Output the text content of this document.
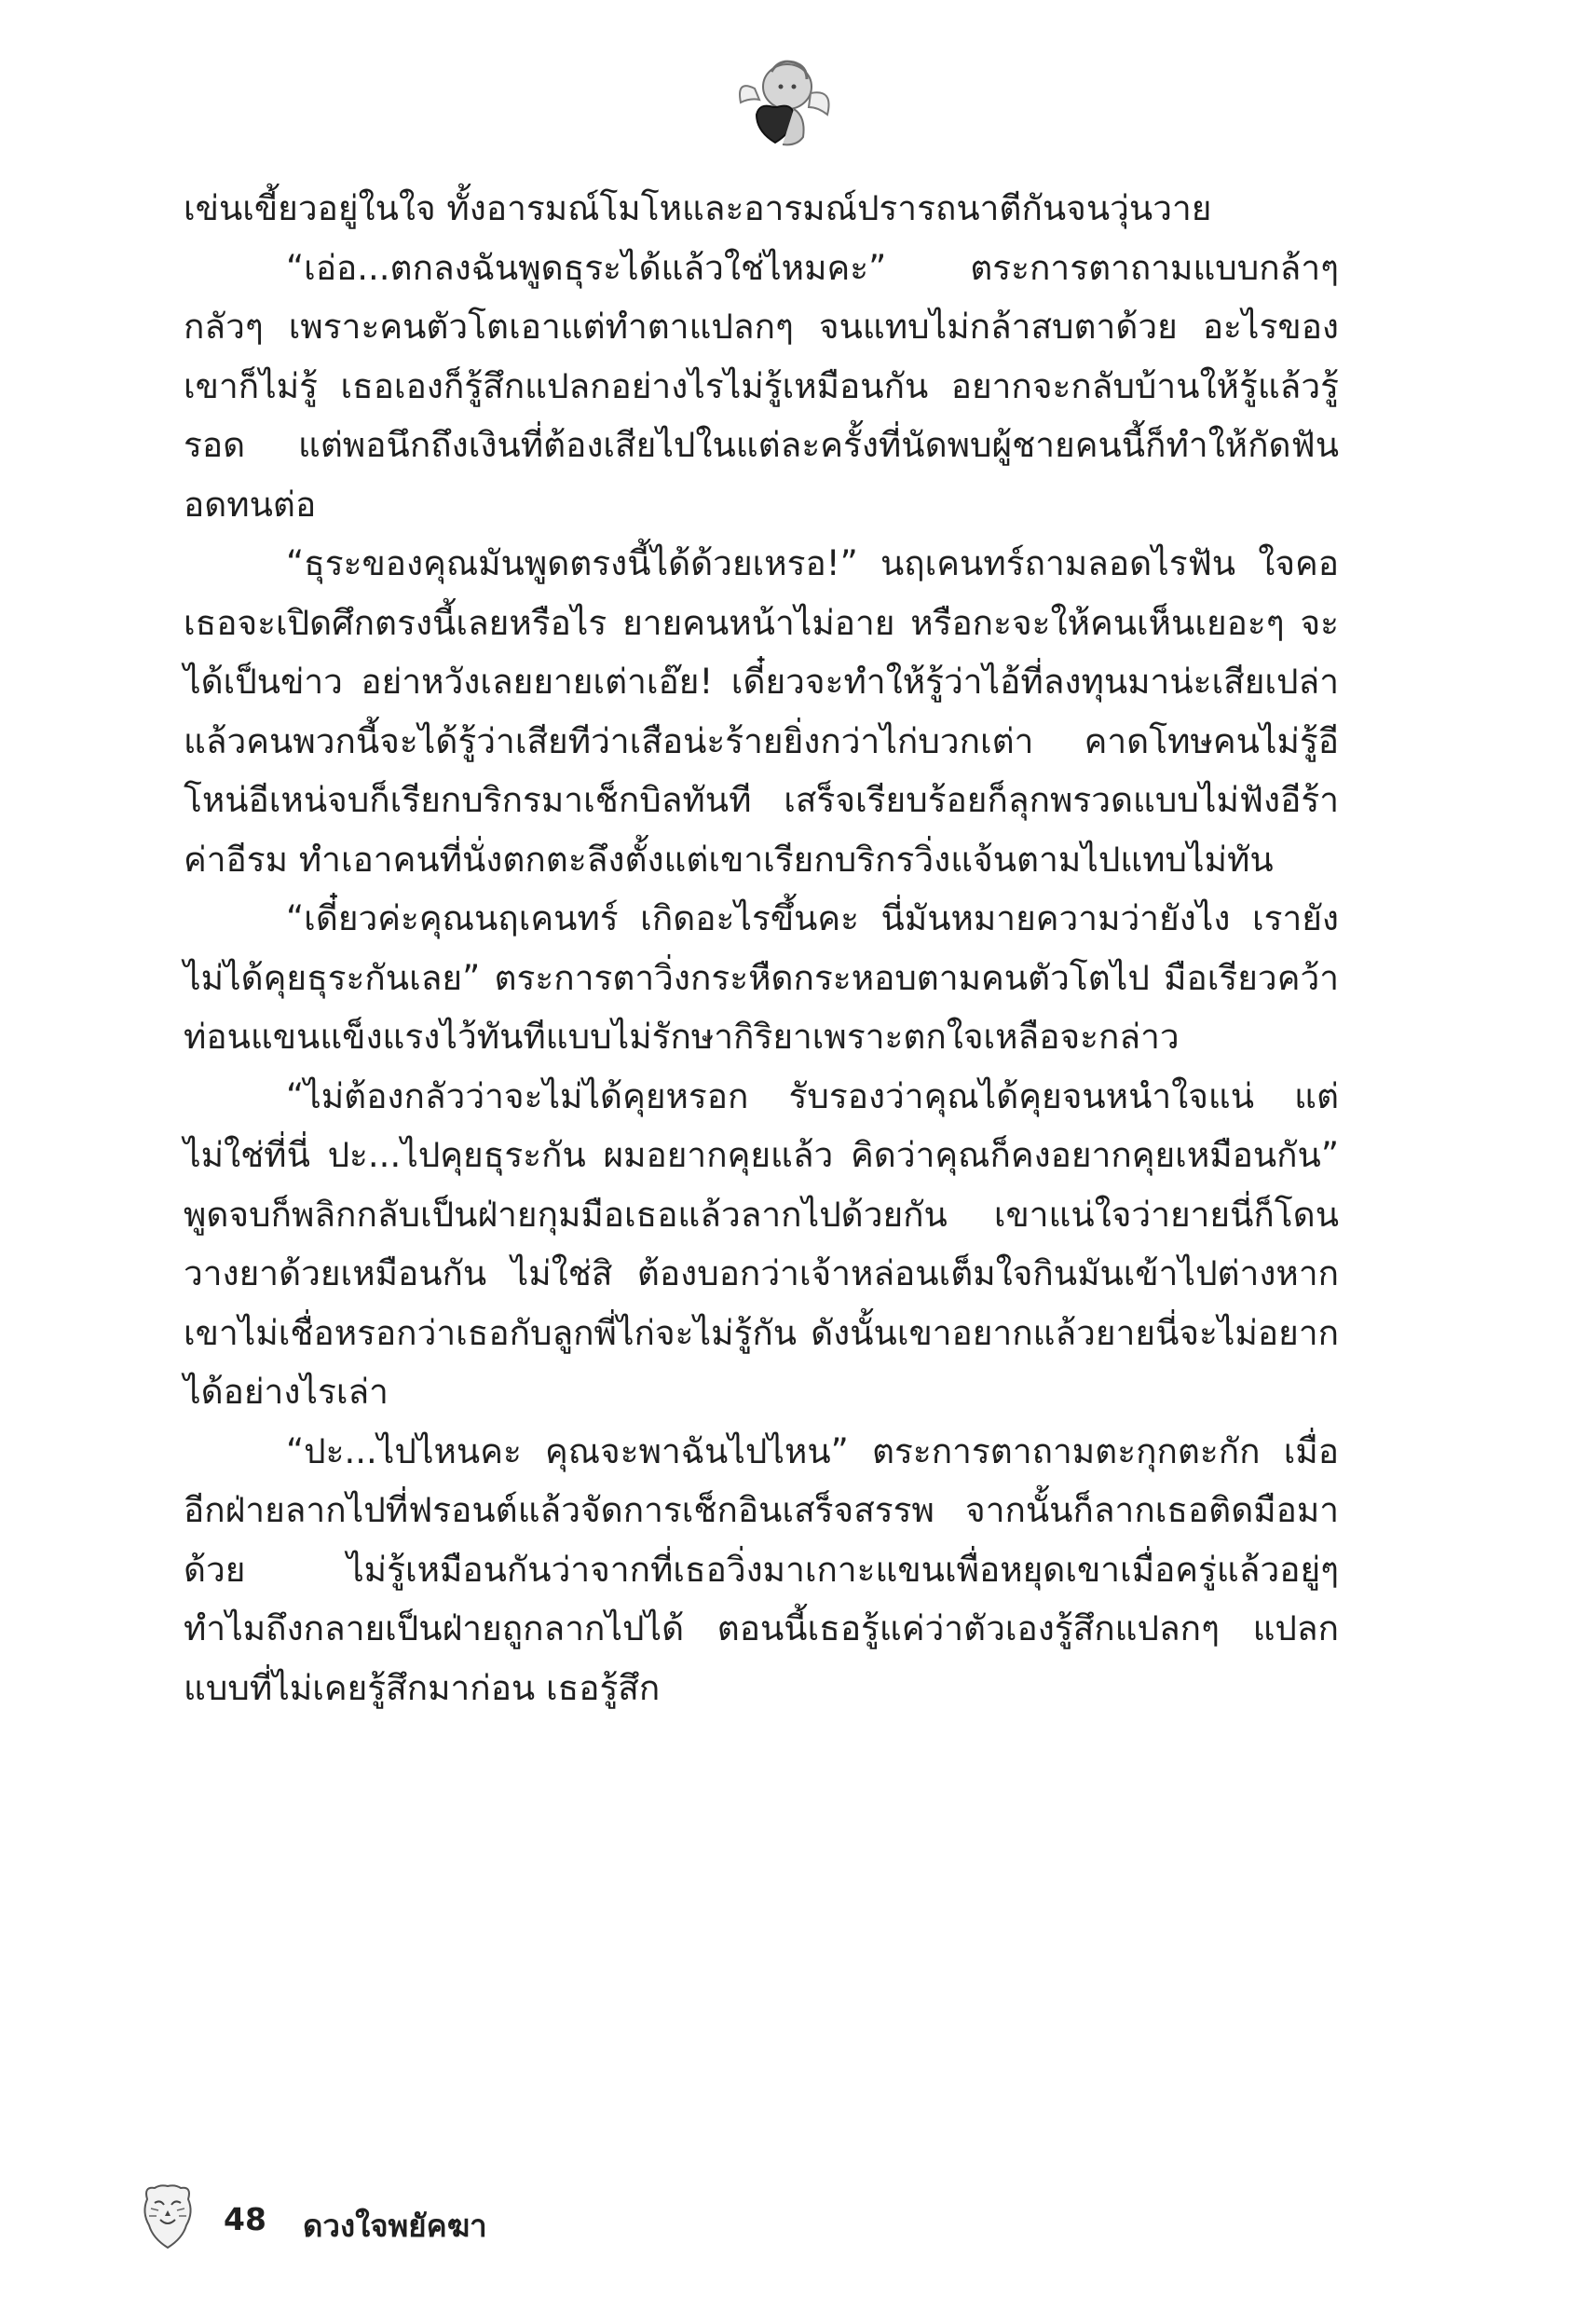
เข่นเขี้ยวอยู่ในใจ ทั้งอารมณ์โมโหและอารมณ์ปรารถนาตีกันจนวุ่นวาย

“เอ่อ...ตกลงฉันพูดธุระได้แล้วใช่ไหมคะ” ตระการตาถามแบบกล้าๆ กลัวๆ เพราะคนตัวโตเอาแต่ทำตาแปลกๆ จนแทบไม่กล้าสบตาด้วย อะไรของเขาก็ไม่รู้ เธอเองก็รู้สึกแปลกอย่างไรไม่รู้เหมือนกัน อยากจะกลับบ้านให้รู้แล้วรู้รอด แต่พอนึกถึงเงินที่ต้องเสียไปในแต่ละครั้งที่นัดพบผู้ชายคนนี้ก็ทำให้กัดฟันอดทนต่อ

“ธุระของคุณมันพูดตรงนี้ได้ด้วยเหรอ!” นฤเคนทร์ถามลอดไรฟัน ใจคอเธอจะเปิดศึกตรงนี้เลยหรือไร ยายคนหน้าไม่อาย หรือกะจะให้คนเห็นเยอะๆ จะได้เป็นข่าว อย่าหวังเลยยายเต่าเอ๊ย! เดี๋ยวจะทำให้รู้ว่าไอ้ที่ลงทุนมาน่ะเสียเปล่า แล้วคนพวกนี้จะได้รู้ว่าเสียทีว่าเสือน่ะร้ายยิ่งกว่าไก่บวกเต่า คาดโทษคนไม่รู้อีโหน่อีเหน่จบก็เรียกบริกรมาเช็กบิลทันที เสร็จเรียบร้อยก็ลุกพรวดแบบไม่ฟังอีร้าค่าอีรม ทำเอาคนที่นั่งตกตะลึงตั้งแต่เขาเรียกบริกรวิ่งแจ้นตามไปแทบไม่ทัน

“เดี๋ยวค่ะคุณนฤเคนทร์ เกิดอะไรขึ้นคะ นี่มันหมายความว่ายังไง เรายังไม่ได้คุยธุระกันเลย” ตระการตาวิ่งกระหืดกระหอบตามคนตัวโตไป มือเรียวคว้าท่อนแขนแข็งแรงไว้ทันทีแบบไม่รักษากิริยาเพราะตกใจเหลือจะกล่าว

“ไม่ต้องกลัวว่าจะไม่ได้คุยหรอก รับรองว่าคุณได้คุยจนหนำใจแน่ แต่ไม่ใช่ที่นี่ ปะ...ไปคุยธุระกัน ผมอยากคุยแล้ว คิดว่าคุณก็คงอยากคุยเหมือนกัน” พูดจบก็พลิกกลับเป็นฝ่ายกุมมือเธอแล้วลากไปด้วยกัน เขาแน่ใจว่ายายนี่ก็โดนวางยาด้วยเหมือนกัน ไม่ใช่สิ ต้องบอกว่าเจ้าหล่อนเต็มใจกินมันเข้าไปต่างหาก เขาไม่เชื่อหรอกว่าเธอกับลูกพี่ไก่จะไม่รู้กัน ดังนั้นเขาอยากแล้วยายนี่จะไม่อยากได้อย่างไรเล่า

“ปะ...ไปไหนคะ คุณจะพาฉันไปไหน” ตระการตาถามตะกุกตะกัก เมื่ออีกฝ่ายลากไปที่ฟรอนต์แล้วจัดการเช็กอินเสร็จสรรพ จากนั้นก็ลากเธอติดมือมาด้วย ไม่รู้เหมือนกันว่าจากที่เธอวิ่งมาเกาะแขนเพื่อหยุดเขาเมื่อครู่แล้วอยู่ๆ ทำไมถึงกลายเป็นฝ่ายถูกลากไปได้ ตอนนี้เธอรู้แค่ว่าตัวเองรู้สึกแปลกๆ แปลกแบบที่ไม่เคยรู้สึกมาก่อน เธอรู้สึก

48 ดวงใจพยัคฆา
